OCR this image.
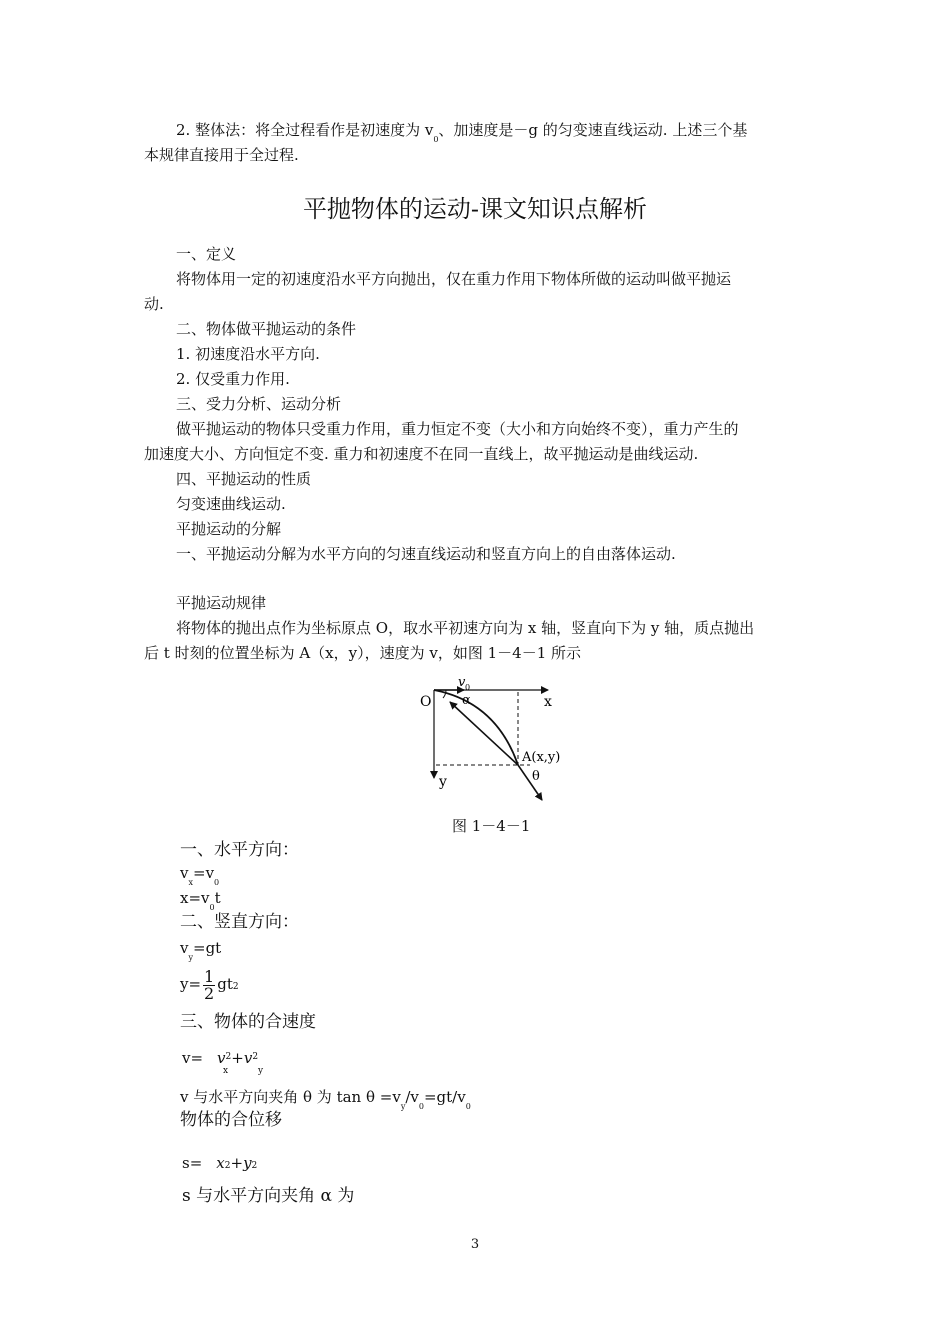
2. 整体法：将全过程看作是初速度为 $v_0$、加速度是－g 的匀变速直线运动. 上述三个基
本规律直接用于全过程.
平抛物体的运动-课文知识点解析
一、定义
将物体用一定的初速度沿水平方向抛出，仅在重力作用下物体所做的运动叫做平抛运
动.
二、物体做平抛运动的条件
1. 初速度沿水平方向.
2. 仅受重力作用.
三、受力分析、运动分析
做平抛运动的物体只受重力作用，重力恒定不变（大小和方向始终不变），重力产生的
加速度大小、方向恒定不变. 重力和初速度不在同一直线上，故平抛运动是曲线运动.
四、平抛运动的性质
匀变速曲线运动.
平抛运动的分解
一、平抛运动分解为水平方向的匀速直线运动和竖直方向上的自由落体运动.
平抛运动规律
将物体的抛出点作为坐标原点 O，取水平初速方向为 x 轴，竖直向下为 y 轴，质点抛出
后 t 时刻的位置坐标为 A（x，y），速度为 v，如图 1－4－1 所示
O	x
y
v 0
α
A(x,y)
θ
图 1－4－1
一、水平方向：
$v_x=v_0$
$x=v_0t$
二、竖直方向：
$v_y=gt$
$y= \frac{1}{2} gt2$
三、物体的合速度
$v= v^2+v^2$
x	y
v 与水平方向夹角 θ 为 $\tan \theta =v_y/v_0=gt/v_0$
物体的合位移
s= x2+y2
s 与水平方向夹角 α 为
3
